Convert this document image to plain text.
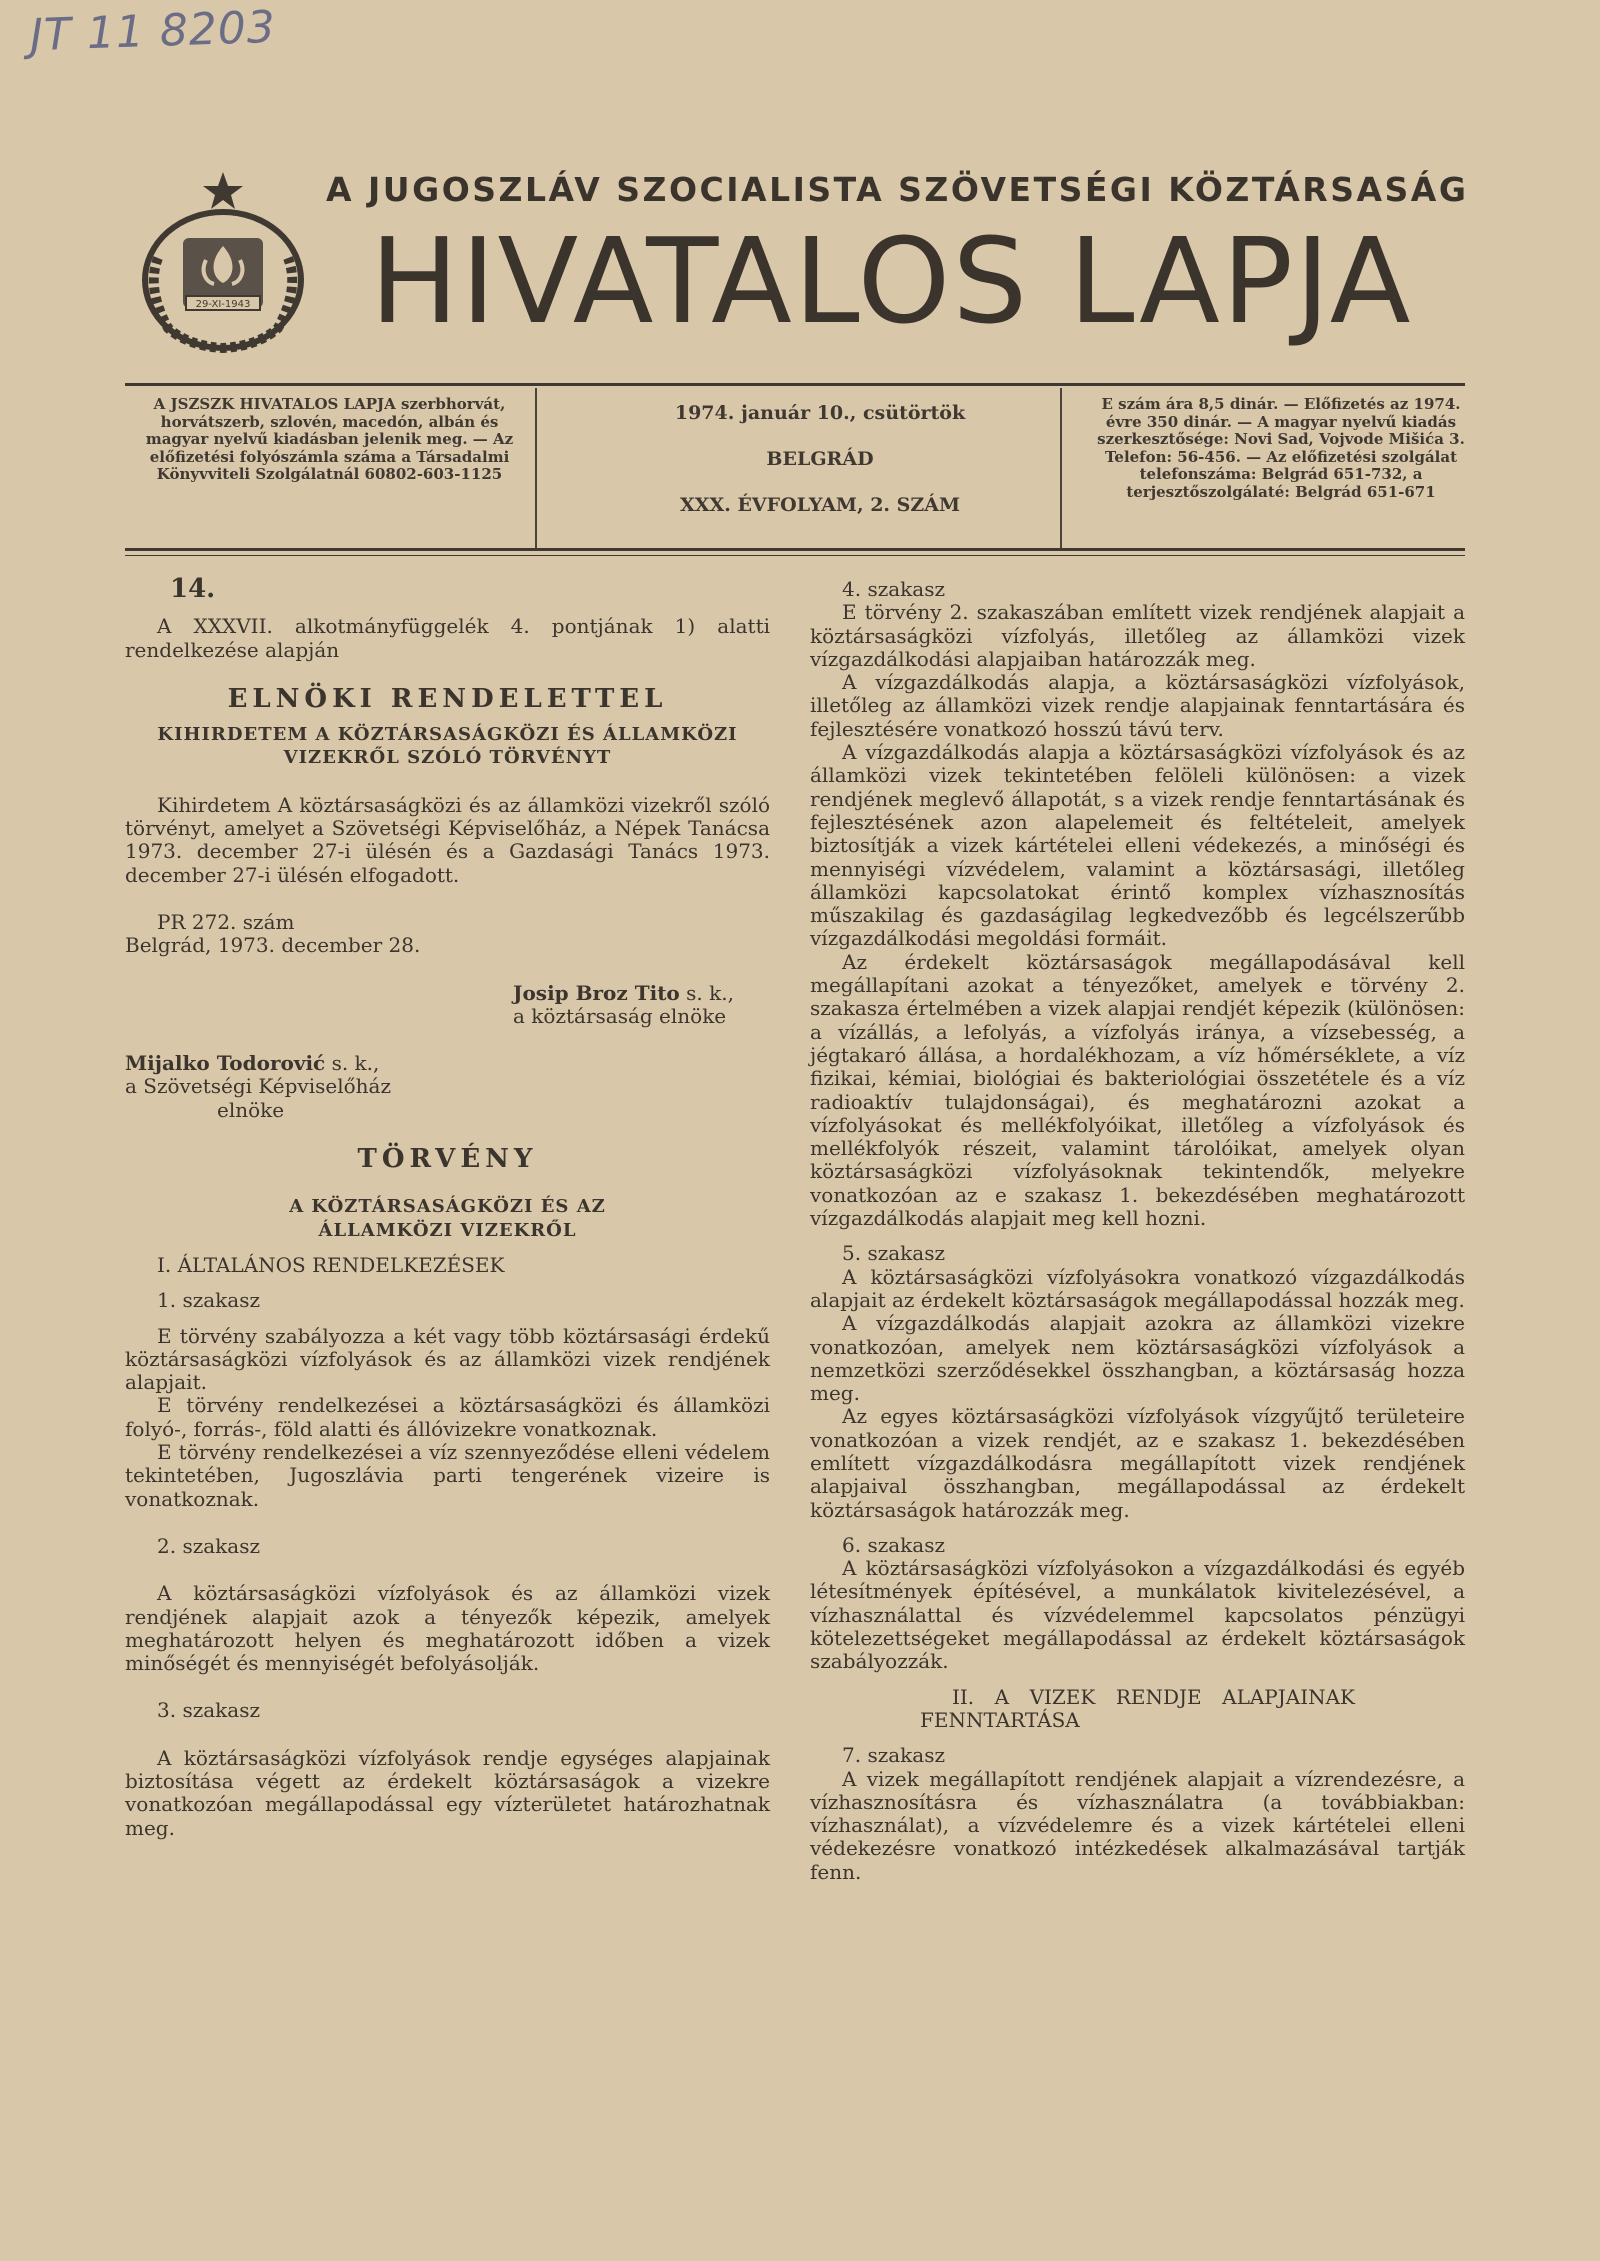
JT 11 8203
29-XI-1943
A JUGOSZLÁV SZOCIALISTA SZÖVETSÉGI KÖZTÁRSASÁG
HIVATALOS LAPJA
A JSZSZK HIVATALOS LAPJA szerbhorvát, horvátszerb, szlovén, macedón, albán és magyar nyelvű kiadásban jelenik meg. — Az előfizetési folyószámla száma a Társadalmi Könyvviteli Szolgálatnál 60802-603-1125
1974. január 10., csütörtök
BELGRÁD
XXX. ÉVFOLYAM, 2. SZÁM
E szám ára 8,5 dinár. — Előfizetés az 1974. évre 350 dinár. — A magyar nyelvű kiadás szerkesztősége: Novi Sad, Vojvode Mišića 3. Telefon: 56-456. — Az előfizetési szolgálat telefonszáma: Belgrád 651-732, a terjesztőszolgálaté: Belgrád 651-671

14.

A XXXVII. alkotmányfüggelék 4. pontjának 1) alatti rendelkezése alapján

ELNÖKI RENDELETTEL

KIHIRDETEM A KÖZTÁRSASÁGKÖZI ÉS ÁLLAMKÖZI VIZEKRŐL SZÓLÓ TÖRVÉNYT

Kihirdetem A köztársaságközi és az államközi vizekről szóló törvényt, amelyet a Szövetségi Képviselőház, a Népek Tanácsa 1973. december 27-i ülésén és a Gazdasági Tanács 1973. december 27-i ülésén elfogadott.

PR 272. szám

Belgrád, 1973. december 28.

Josip Broz Tito s. k.,

a köztársaság elnöke

Mijalko Todorović s. k.,

a Szövetségi Képviselőház

elnöke

TÖRVÉNY

A KÖZTÁRSASÁGKÖZI ÉS AZ ÁLLAMKÖZI VIZEKRŐL

I. ÁLTALÁNOS RENDELKEZÉSEK

1. szakasz

E törvény szabályozza a két vagy több köztársasági érdekű köztársaságközi vízfolyások és az államközi vizek rendjének alapjait.

E törvény rendelkezései a köztársaságközi és államközi folyó-, forrás-, föld alatti és állóvizekre vonatkoznak.

E törvény rendelkezései a víz szennyeződése elleni védelem tekintetében, Jugoszlávia parti tengerének vizeire is vonatkoznak.

2. szakasz

A köztársaságközi vízfolyások és az államközi vizek rendjének alapjait azok a tényezők képezik, amelyek meghatározott helyen és meghatározott időben a vizek minőségét és mennyiségét befolyásolják.

3. szakasz

A köztársaságközi vízfolyások rendje egységes alapjainak biztosítása végett az érdekelt köztársaságok a vizekre vonatkozóan megállapodással egy vízterületet határozhatnak meg.

4. szakasz

E törvény 2. szakaszában említett vizek rendjének alapjait a köztársaságközi vízfolyás, illetőleg az államközi vizek vízgazdálkodási alapjaiban határozzák meg.

A vízgazdálkodás alapja, a köztársaságközi vízfolyások, illetőleg az államközi vizek rendje alapjainak fenntartására és fejlesztésére vonatkozó hosszú távú terv.

A vízgazdálkodás alapja a köztársaságközi vízfolyások és az államközi vizek tekintetében felöleli különösen: a vizek rendjének meglevő állapotát, s a vizek rendje fenntartásának és fejlesztésének azon alapelemeit és feltételeit, amelyek biztosítják a vizek kártételei elleni védekezés, a minőségi és mennyiségi vízvédelem, valamint a köztársasági, illetőleg államközi kapcsolatokat érintő komplex vízhasznosítás műszakilag és gazdaságilag legkedvezőbb és legcélszerűbb vízgazdálkodási megoldási formáit.

Az érdekelt köztársaságok megállapodásával kell megállapítani azokat a tényezőket, amelyek e törvény 2. szakasza értelmében a vizek alapjai rendjét képezik (különösen: a vízállás, a lefolyás, a vízfolyás iránya, a vízsebesség, a jégtakaró állása, a hordalékhozam, a víz hőmérséklete, a víz fizikai, kémiai, biológiai és bakteriológiai összetétele és a víz radioaktív tulajdonságai), és meghatározni azokat a vízfolyásokat és mellékfolyóikat, illetőleg a vízfolyások és mellékfolyók részeit, valamint tárolóikat, amelyek olyan köztársaságközi vízfolyásoknak tekintendők, melyekre vonatkozóan az e szakasz 1. bekezdésében meghatározott vízgazdálkodás alapjait meg kell hozni.

5. szakasz

A köztársaságközi vízfolyásokra vonatkozó vízgazdálkodás alapjait az érdekelt köztársaságok megállapodással hozzák meg.

A vízgazdálkodás alapjait azokra az államközi vizekre vonatkozóan, amelyek nem köztársaságközi vízfolyások a nemzetközi szerződésekkel összhangban, a köztársaság hozza meg.

Az egyes köztársaságközi vízfolyások vízgyűjtő területeire vonatkozóan a vizek rendjét, az e szakasz 1. bekezdésében említett vízgazdálkodásra megállapított vizek rendjének alapjaival összhangban, megállapodással az érdekelt köztársaságok határozzák meg.

6. szakasz

A köztársaságközi vízfolyásokon a vízgazdálkodási és egyéb létesítmények építésével, a munkálatok kivitelezésével, a vízhasználattal és vízvédelemmel kapcsolatos pénzügyi kötelezettségeket megállapodással az érdekelt köztársaságok szabályozzák.

II. A VIZEK RENDJE ALAPJAINAK FENNTARTÁSA

7. szakasz

A vizek megállapított rendjének alapjait a vízrendezésre, a vízhasznosításra és vízhasználatra (a továbbiakban: vízhasználat), a vízvédelemre és a vizek kártételei elleni védekezésre vonatkozó intézkedések alkalmazásával tartják fenn.
